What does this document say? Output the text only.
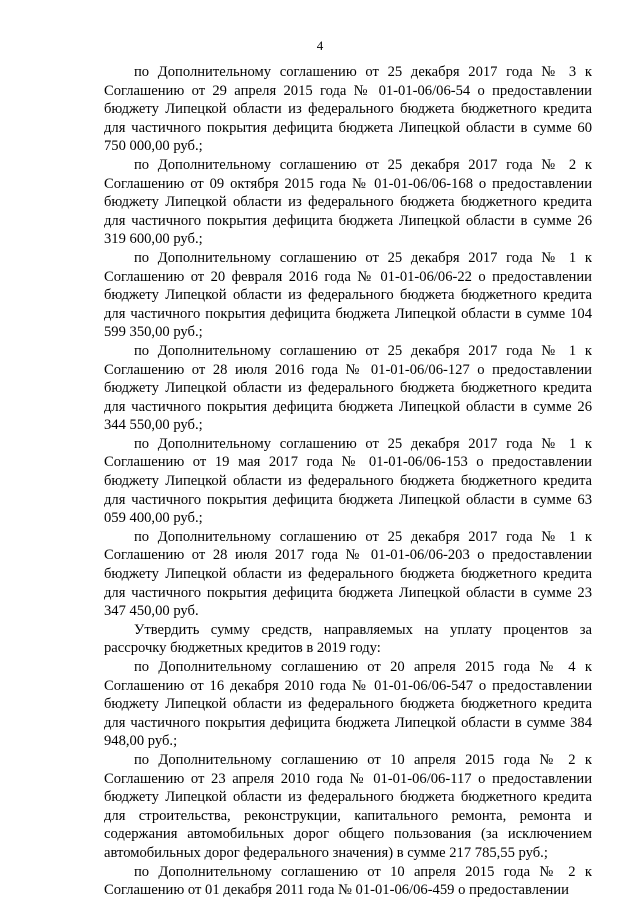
4

по Дополнительному соглашению от 25 декабря 2017 года № 3 к Соглашению от 29 апреля 2015 года № 01-01-06/06-54 о предоставлении бюджету Липецкой области из федерального бюджета бюджетного кредита для частичного покрытия дефицита бюджета Липецкой области в сумме 60 750 000,00 руб.;

по Дополнительному соглашению от 25 декабря 2017 года № 2 к Соглашению от 09 октября 2015 года № 01-01-06/06-168 о предоставлении бюджету Липецкой области из федерального бюджета бюджетного кредита для частичного покрытия дефицита бюджета Липецкой области в сумме 26 319 600,00 руб.;

по Дополнительному соглашению от 25 декабря 2017 года № 1 к Соглашению от 20 февраля 2016 года № 01-01-06/06-22 о предоставлении бюджету Липецкой области из федерального бюджета бюджетного кредита для частичного покрытия дефицита бюджета Липецкой области в сумме 104 599 350,00 руб.;

по Дополнительному соглашению от 25 декабря 2017 года № 1 к Соглашению от 28 июля 2016 года № 01-01-06/06-127 о предоставлении бюджету Липецкой области из федерального бюджета бюджетного кредита для частичного покрытия дефицита бюджета Липецкой области в сумме 26 344 550,00 руб.;

по Дополнительному соглашению от 25 декабря 2017 года № 1 к Соглашению от 19 мая 2017 года № 01-01-06/06-153 о предоставлении бюджету Липецкой области из федерального бюджета бюджетного кредита для частичного покрытия дефицита бюджета Липецкой области в сумме 63 059 400,00 руб.;

по Дополнительному соглашению от 25 декабря 2017 года № 1 к Соглашению от 28 июля 2017 года № 01-01-06/06-203 о предоставлении бюджету Липецкой области из федерального бюджета бюджетного кредита для частичного покрытия дефицита бюджета Липецкой области в сумме 23 347 450,00 руб.

Утвердить сумму средств, направляемых на уплату процентов за рассрочку бюджетных кредитов в 2019 году:

по Дополнительному соглашению от 20 апреля 2015 года № 4 к Соглашению от 16 декабря 2010 года № 01-01-06/06-547 о предоставлении бюджету Липецкой области из федерального бюджета бюджетного кредита для частичного покрытия дефицита бюджета Липецкой области в сумме 384 948,00 руб.;

по Дополнительному соглашению от 10 апреля 2015 года № 2 к Соглашению от 23 апреля 2010 года № 01-01-06/06-117 о предоставлении бюджету Липецкой области из федерального бюджета бюджетного кредита для строительства, реконструкции, капитального ремонта, ремонта и содержания автомобильных дорог общего пользования (за исключением автомобильных дорог федерального значения) в сумме 217 785,55 руб.;

по Дополнительному соглашению от 10 апреля 2015 года № 2 к Соглашению от 01 декабря 2011 года № 01-01-06/06-459 о предоставлении
